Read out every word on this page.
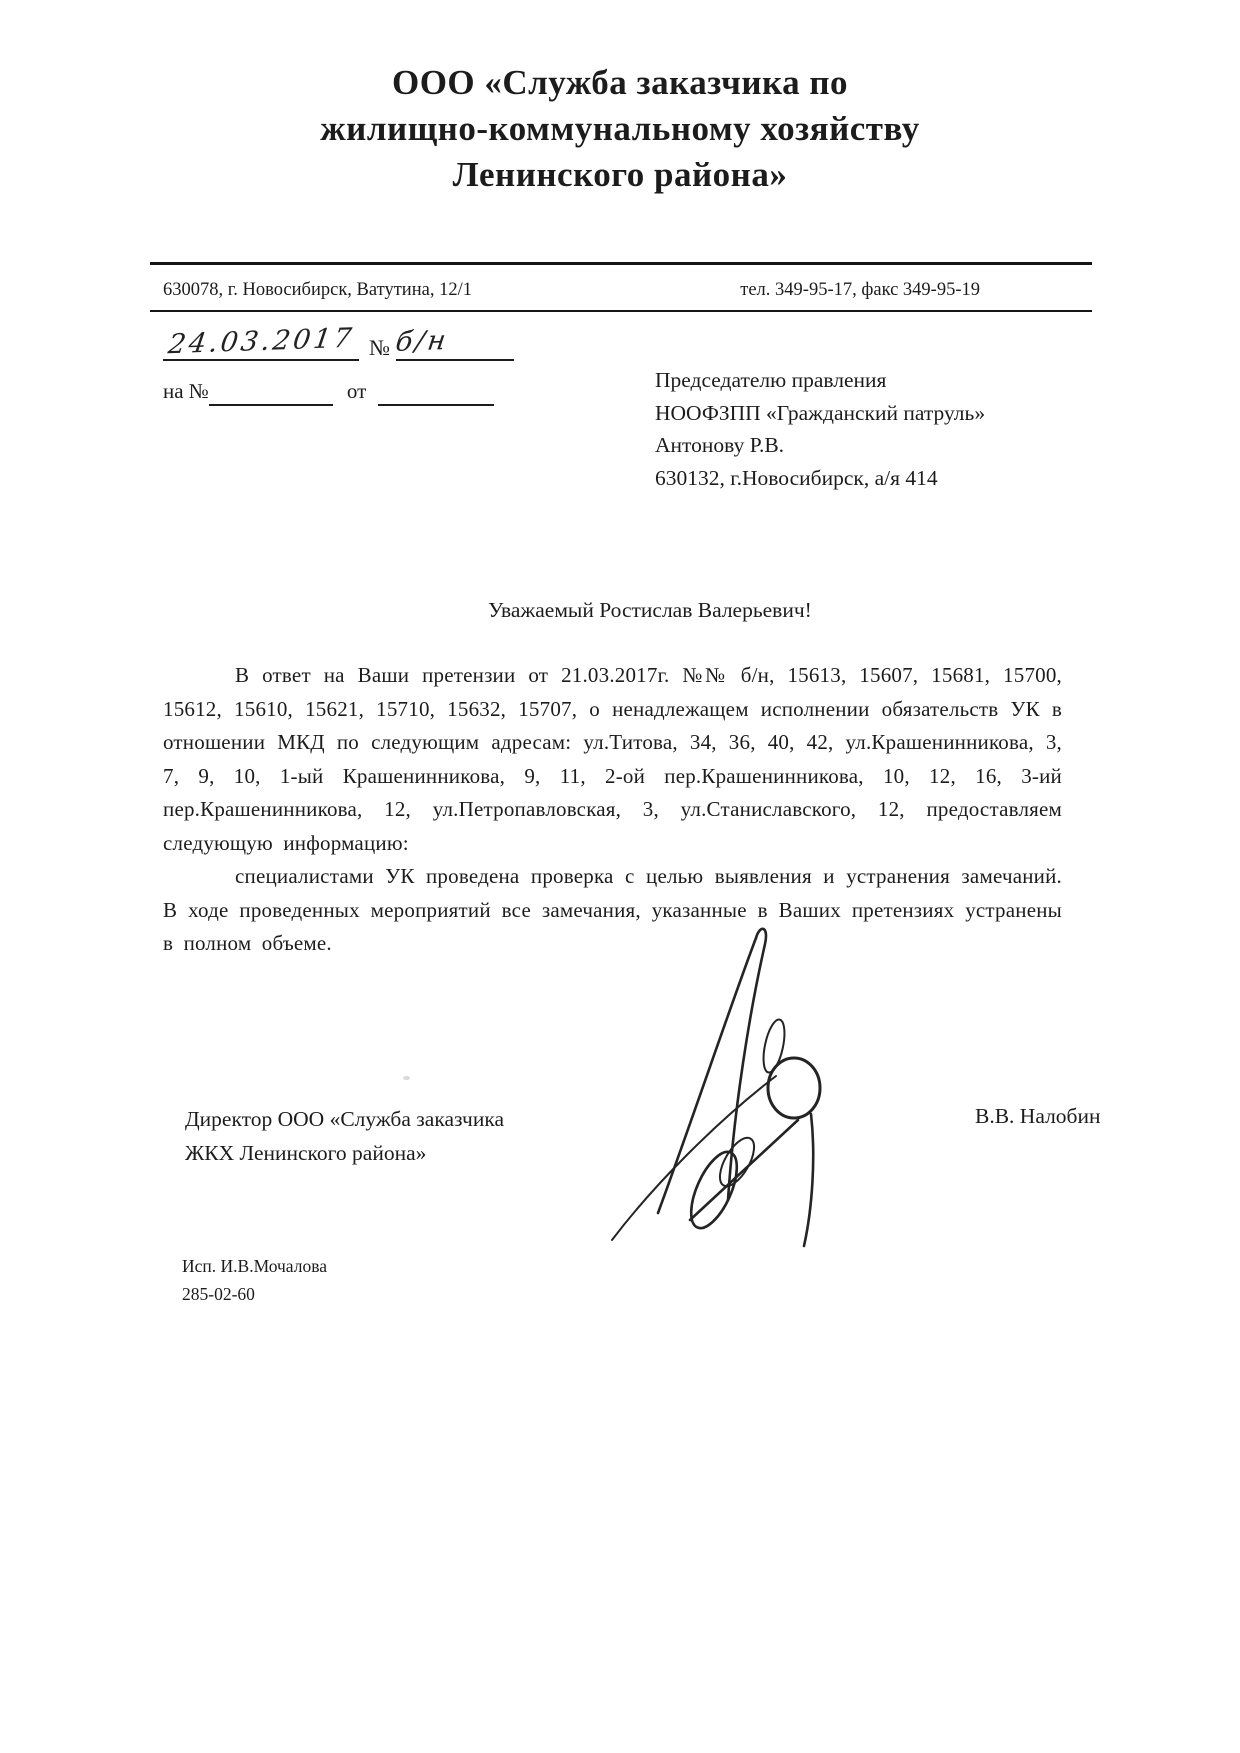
ООО «Служба заказчика по
жилищно-коммунальному хозяйству
Ленинского района»
630078, г. Новосибирск, Ватутина, 12/1	тел. 349-95-17, факс 349-95-19
24.03.2017 № б/н
на №
	от
	Председателю правления
НООФЗПП «Гражданский патруль»
Антонову Р.В.
630132, г.Новосибирск, а/я 414
Уважаемый Ростислав Валерьевич!

В ответ на Ваши претензии от 21.03.2017г. №№ б/н, 15613, 15607, 15681, 15700, 15612, 15610, 15621, 15710, 15632, 15707, о ненадлежащем исполнении обязательств УК в отношении МКД по следующим адресам: ул.Титова, 34, 36, 40, 42, ул.Крашенинникова, 3, 7, 9, 10, 1-ый Крашенинникова, 9, 11, 2-ой пер.Крашенинникова, 10, 12, 16, 3-ий пер.Крашенинникова, 12, ул.Петропавловская, 3, ул.Станиславского, 12, предоставляем следующую информацию:

специалистами УК проведена проверка с целью выявления и устранения замечаний. В ходе проведенных мероприятий все замечания, указанные в Ваших претензиях устранены в полном объеме.

Директор ООО «Служба заказчика
ЖКХ Ленинского района»
В.В. Налобин
Исп. И.В.Мочалова
285-02-60
